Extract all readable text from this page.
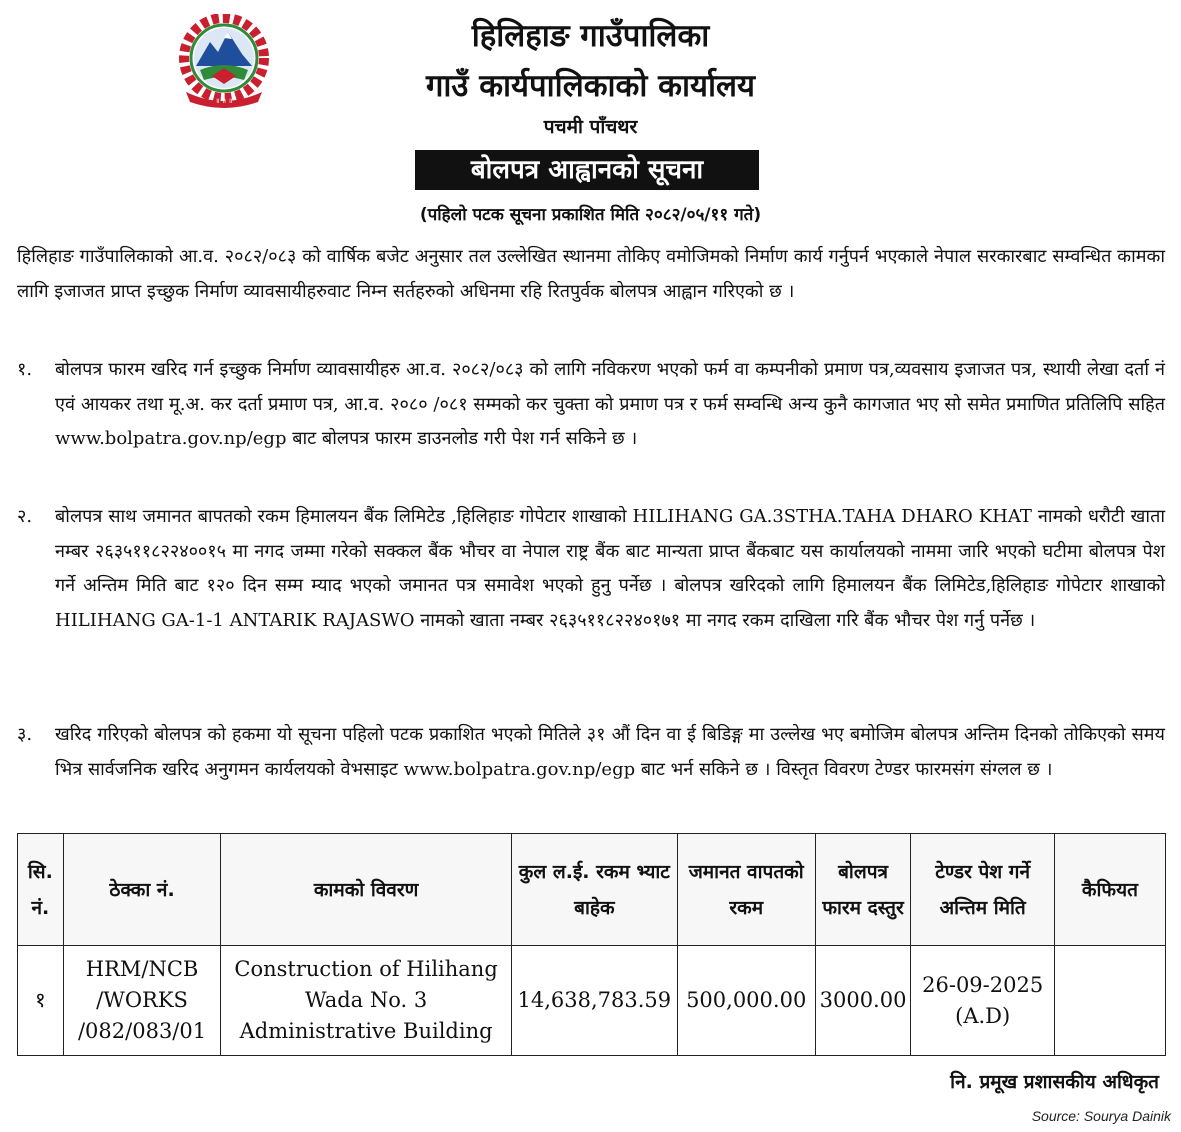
॥ ॥ ॥
हिलिहाङ गाउँपालिका
गाउँ कार्यपालिकाको कार्यालय
पचमी पाँचथर
बोलपत्र आह्वानको सूचना
(पहिलो पटक सूचना प्रकाशित मिति २०८२/०५/११ गते)
हिलिहाङ गाउँपालिकाको आ.व. २०८२/०८३ को वार्षिक बजेट अनुसार तल उल्लेखित स्थानमा तोकिए वमोजिमको निर्माण कार्य गर्नुपर्न भएकाले नेपाल सरकारबाट सम्वन्धित कामका लागि इजाजत प्राप्त इच्छुक निर्माण व्यावसायीहरुवाट निम्न सर्तहरुको अधिनमा रहि रितपुर्वक बोलपत्र आह्वान गरिएको छ ।
१. बोलपत्र फारम खरिद गर्न इच्छुक निर्माण व्यावसायीहरु आ.व. २०८२/०८३ को लागि नविकरण भएको फर्म वा कम्पनीको प्रमाण पत्र,व्यवसाय इजाजत पत्र, स्थायी लेखा दर्ता नं एवं आयकर तथा मू.अ. कर दर्ता प्रमाण पत्र, आ.व. २०८० /०८१ सम्मको कर चुक्ता को प्रमाण पत्र र फर्म सम्वन्धि अन्य कुनै कागजात भए सो समेत प्रमाणित प्रतिलिपि सहित www.bolpatra.gov.np/egp बाट बोलपत्र फारम डाउनलोड गरी पेश गर्न सकिने छ ।
२. बोलपत्र साथ जमानत बापतको रकम हिमालयन बैंक लिमिटेड ,हिलिहाङ गोपेटार शाखाको HILIHANG GA.3STHA.TAHA DHARO KHAT नामको धरौटी खाता नम्बर २६३५११८२२४००१५ मा नगद जम्मा गरेको सक्कल बैंक भौचर वा नेपाल राष्ट्र बैंक बाट मान्यता प्राप्त बैंकबाट यस कार्यालयको नाममा जारि भएको घटीमा बोलपत्र पेश गर्ने अन्तिम मिति बाट १२० दिन सम्म म्याद भएको जमानत पत्र समावेश भएको हुनु पर्नेछ । बोलपत्र खरिदको लागि हिमालयन बैंक लिमिटेड,हिलिहाङ गोपेटार शाखाको HILIHANG GA-1-1 ANTARIK RAJASWO नामको खाता नम्बर २६३५११८२२४०१७१ मा नगद रकम दाखिला गरि बैंक भौचर पेश गर्नु पर्नेछ ।
३. खरिद गरिएको बोलपत्र को हकमा यो सूचना पहिलो पटक प्रकाशित भएको मितिले ३१ औं दिन वा ई बिडिङ्ग मा उल्लेख भए बमोजिम बोलपत्र अन्तिम दिनको तोकिएको समय भित्र सार्वजनिक खरिद अनुगमन कार्यलयको वेभसाइट www.bolpatra.gov.np/egp बाट भर्न सकिने छ । विस्तृत विवरण टेण्डर फारमसंग संग्लल छ ।
सि. नं.	ठेक्का नं.	कामको विवरण	कुल ल.ई. रकम भ्याट बाहेक	जमानत वापतको रकम	बोलपत्र फारम दस्तुर	टेण्डर पेश गर्ने अन्तिम मिति	कैफियत
१	HRM/NCB /WORKS /082/083/01	Construction of Hilihang Wada No. 3 Administrative Building	14,638,783.59	500,000.00	3000.00	26-09-2025 (A.D)	
नि. प्रमूख प्रशासकीय अधिकृत
Source: Sourya Dainik
